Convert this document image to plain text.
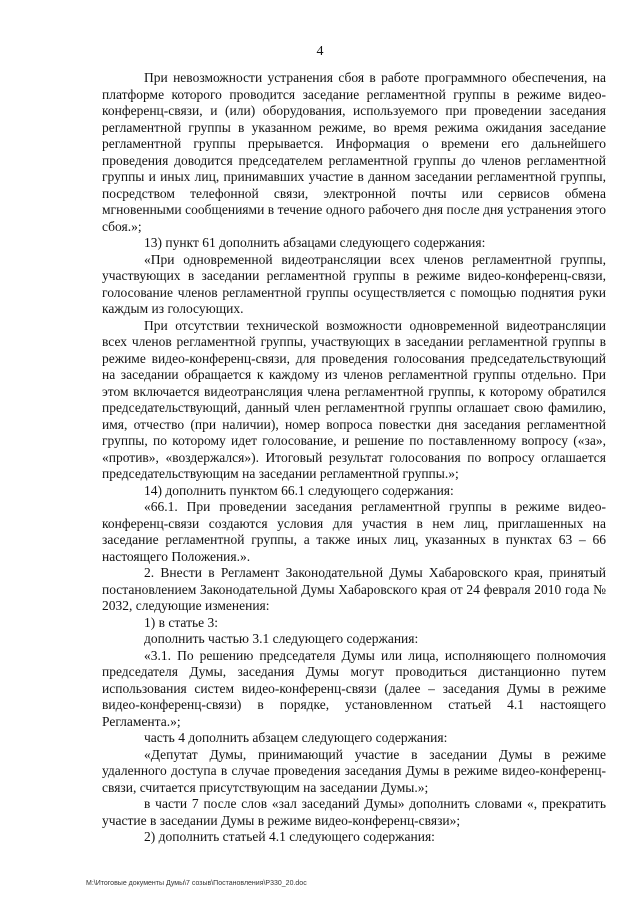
4

При невозможности устранения сбоя в работе программного обеспечения, на платформе которого проводится заседание регламентной группы в режиме видео-конференц-связи, и (или) оборудования, используемого при проведении заседания регламентной группы в указанном режиме, во время режима ожидания заседание регламентной группы прерывается. Информация о времени его дальнейшего проведения доводится председателем регламентной группы до членов регламентной группы и иных лиц, принимавших участие в данном заседании регламентной группы, посредством телефонной связи, электронной почты или сервисов обмена мгновенными сообщениями в течение одного рабочего дня после дня устранения этого сбоя.»;

13) пункт 61 дополнить абзацами следующего содержания:

«При одновременной видеотрансляции всех членов регламентной группы, участвующих в заседании регламентной группы в режиме видео-конференц-связи, голосование членов регламентной группы осуществляется с помощью поднятия руки каждым из голосующих.

При отсутствии технической возможности одновременной видеотрансляции всех членов регламентной группы, участвующих в заседании регламентной группы в режиме видео-конференц-связи, для проведения голосования председательствующий на заседании обращается к каждому из членов регламентной группы отдельно. При этом включается видеотрансляция члена регламентной группы, к которому обратился председательствующий, данный член регламентной группы оглашает свою фамилию, имя, отчество (при наличии), номер вопроса повестки дня заседания регламентной группы, по которому идет голосование, и решение по поставленному вопросу («за», «против», «воздержался»). Итоговый результат голосования по вопросу оглашается председательствующим на заседании регламентной группы.»;

14) дополнить пунктом 66.1 следующего содержания:

«66.1. При проведении заседания регламентной группы в режиме видео-конференц-связи создаются условия для участия в нем лиц, приглашенных на заседание регламентной группы, а также иных лиц, указанных в пунктах 63 – 66 настоящего Положения.».

2. Внести в Регламент Законодательной Думы Хабаровского края, принятый постановлением Законодательной Думы Хабаровского края от 24 февраля 2010 года № 2032, следующие изменения:

1) в статье 3:

дополнить частью 3.1 следующего содержания:

«3.1. По решению председателя Думы или лица, исполняющего полномочия председателя Думы, заседания Думы могут проводиться дистанционно путем использования систем видео-конференц-связи (далее – заседания Думы в режиме видео-конференц-связи) в порядке, установленном статьей 4.1 настоящего Регламента.»;

часть 4 дополнить абзацем следующего содержания:

«Депутат Думы, принимающий участие в заседании Думы в режиме удаленного доступа в случае проведения заседания Думы в режиме видео-конференц-связи, считается присутствующим на заседании Думы.»;

в части 7 после слов «зал заседаний Думы» дополнить словами «, прекратить участие в заседании Думы в режиме видео-конференц-связи»;

2) дополнить статьей 4.1 следующего содержания:

M:\Итоговые документы Думы\7 созыв\Постановления\P330_20.doc
